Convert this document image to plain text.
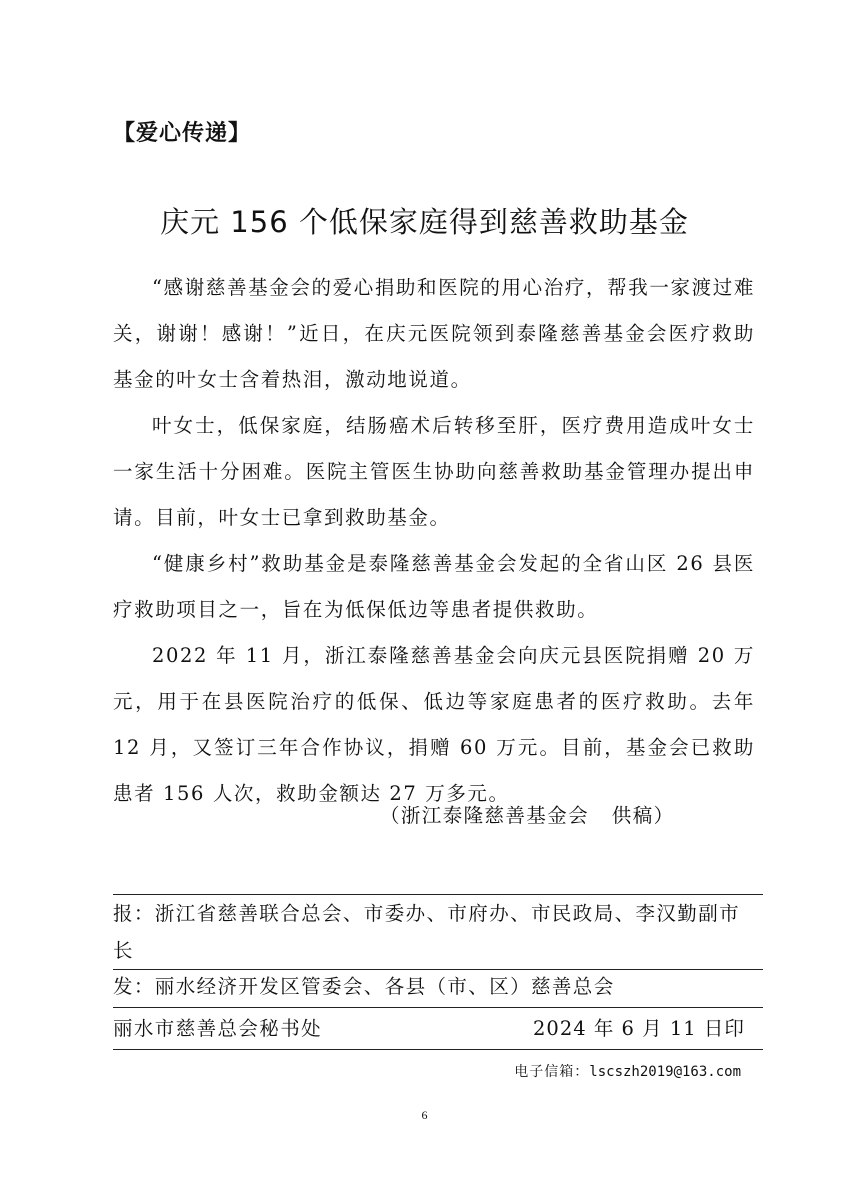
【爱心传递】
庆元 156 个低保家庭得到慈善救助基金

“感谢慈善基金会的爱心捐助和医院的用心治疗，帮我一家渡过难关，谢谢！感谢！”近日，在庆元医院领到泰隆慈善基金会医疗救助基金的叶女士含着热泪，激动地说道。

叶女士，低保家庭，结肠癌术后转移至肝，医疗费用造成叶女士一家生活十分困难。医院主管医生协助向慈善救助基金管理办提出申请。目前，叶女士已拿到救助基金。

“健康乡村”救助基金是泰隆慈善基金会发起的全省山区 26 县医疗救助项目之一，旨在为低保低边等患者提供救助。

2022 年 11 月，浙江泰隆慈善基金会向庆元县医院捐赠 20 万元，用于在县医院治疗的低保、低边等家庭患者的医疗救助。去年 12 月，又签订三年合作协议，捐赠 60 万元。目前，基金会已救助患者 156 人次，救助金额达 27 万多元。

（浙江泰隆慈善基金会   供稿）
报：浙江省慈善联合总会、市委办、市府办、市民政局、李汉勤副市长
发：丽水经济开发区管委会、各县（市、区）慈善总会
丽水市慈善总会秘书处	2024 年 6 月 11 日印
电子信箱：lscszh2019@163.com
6
